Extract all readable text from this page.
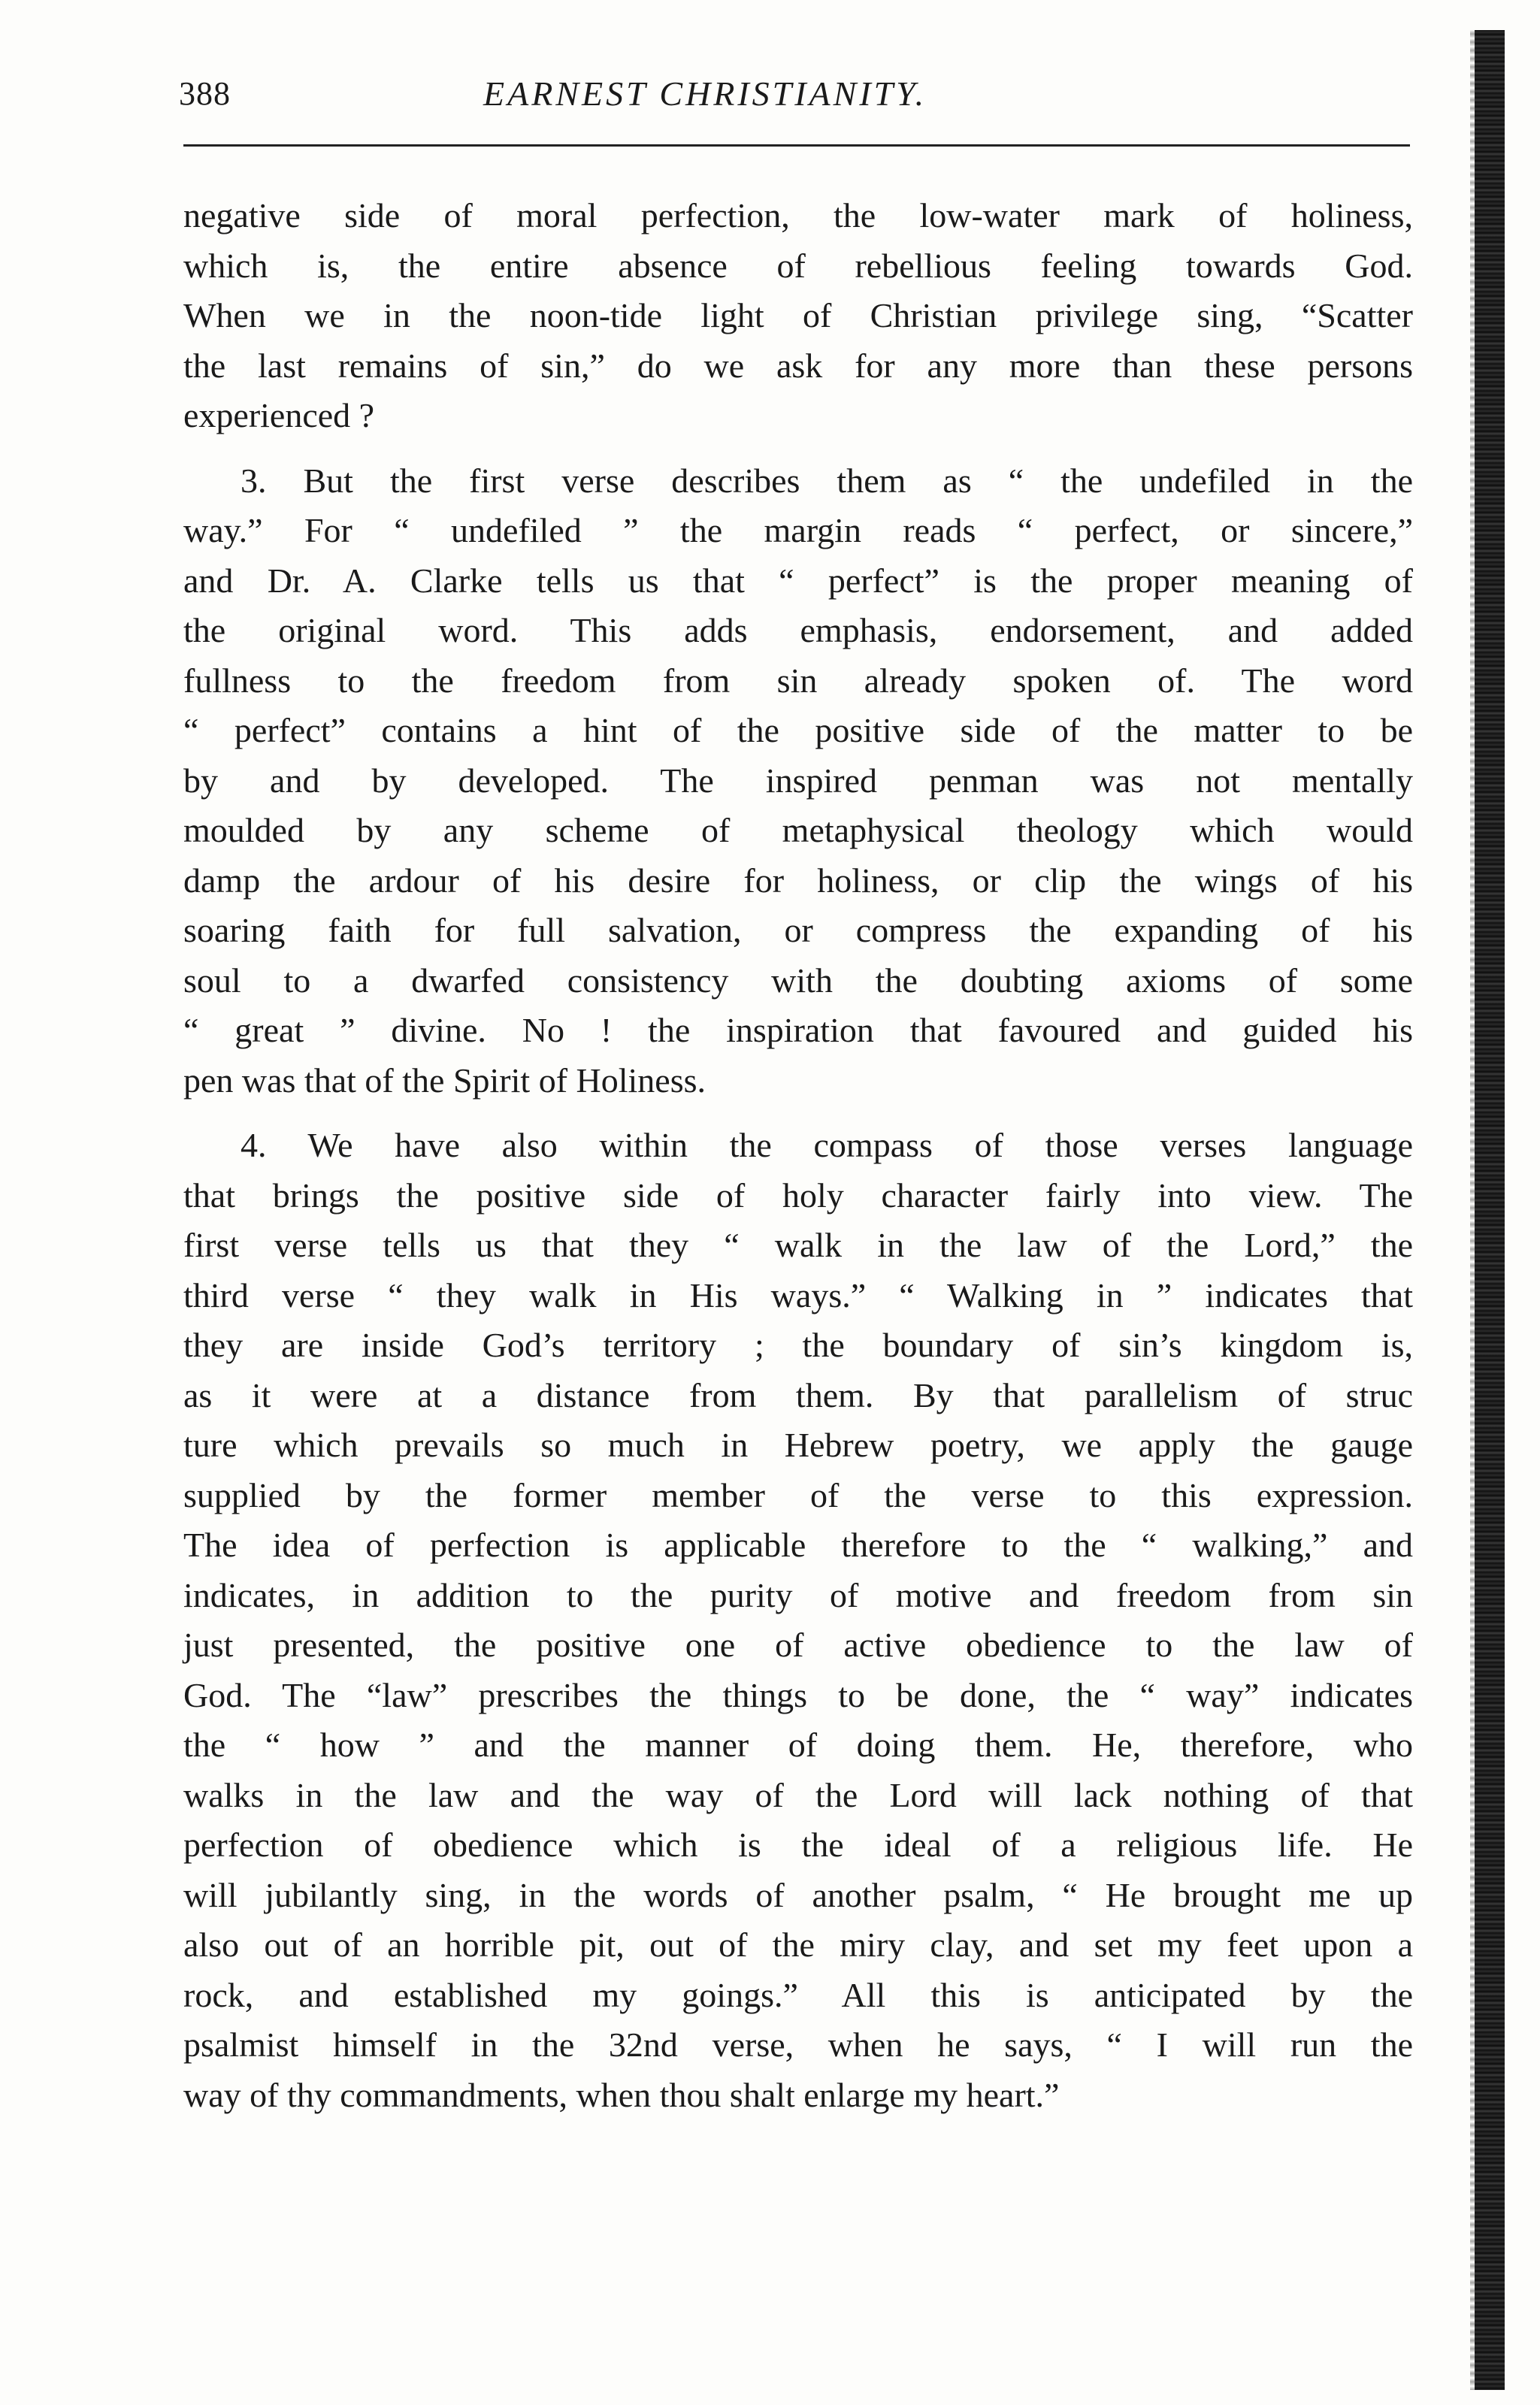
388	EARNEST CHRISTIANITY.

negative side of moral perfection, the low-water mark of holiness,
which is, the entire absence of rebellious feeling towards God.
When we in the noon-tide light of Christian privilege sing, “Scatter
the last remains of sin,” do we ask for any more than these persons
experienced ?

3. But the first verse describes them as “ the undefiled in the
way.” For “ undefiled ” the margin reads “ perfect, or sincere,”
and Dr. A. Clarke tells us that “ perfect” is the proper meaning of
the original word. This adds emphasis, endorsement, and added
fullness to the freedom from sin already spoken of. The word
“ perfect” contains a hint of the positive side of the matter to be
by and by developed. The inspired penman was not mentally
moulded by any scheme of metaphysical theology which would
damp the ardour of his desire for holiness, or clip the wings of his
soaring faith for full salvation, or compress the expanding of his
soul to a dwarfed consistency with the doubting axioms of some
“ great ” divine. No ! the inspiration that favoured and guided his
pen was that of the Spirit of Holiness.

4. We have also within the compass of those verses language
that brings the positive side of holy character fairly into view. The
first verse tells us that they “ walk in the law of the Lord,” the
third verse “ they walk in His ways.” “ Walking in ” indicates that
they are inside God’s territory ; the boundary of sin’s kingdom is,
as it were at a distance from them. By that parallelism of struc
ture which prevails so much in Hebrew poetry, we apply the gauge
supplied by the former member of the verse to this expression.
The idea of perfection is applicable therefore to the “ walking,” and
indicates, in addition to the purity of motive and freedom from sin
just presented, the positive one of active obedience to the law of
God. The “law” prescribes the things to be done, the “ way” indicates
the “ how ” and the manner of doing them. He, therefore, who
walks in the law and the way of the Lord will lack nothing of that
perfection of obedience which is the ideal of a religious life. He
will jubilantly sing, in the words of another psalm, “ He brought me up
also out of an horrible pit, out of the miry clay, and set my feet upon a
rock, and established my goings.” All this is anticipated by the
psalmist himself in the 32nd verse, when he says, “ I will run the
way of thy commandments, when thou shalt enlarge my heart.”
